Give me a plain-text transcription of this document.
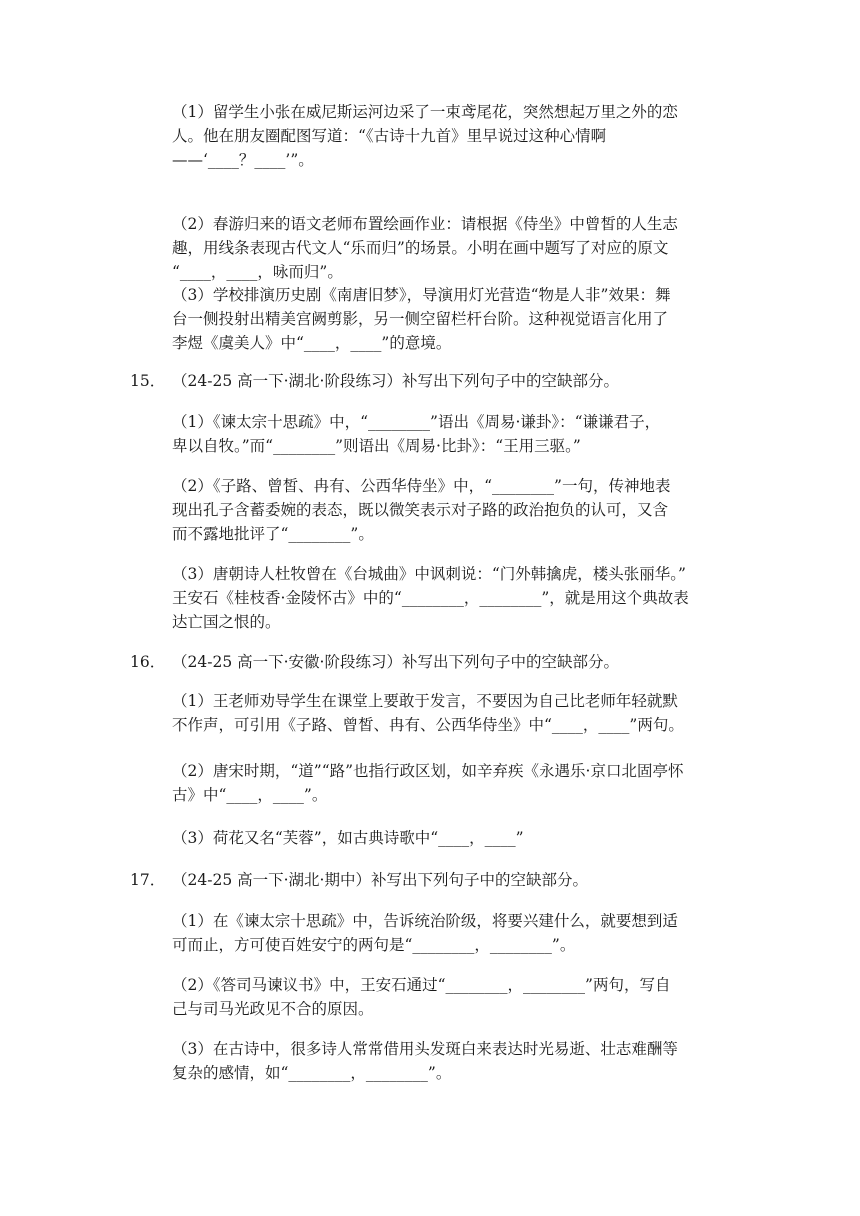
（1）留学生小张在威尼斯运河边采了一束鸢尾花，突然想起万里之外的恋
人。他在朋友圈配图写道：“《古诗十九首》里早说过这种心情啊
——‘____？____’”。
（2）春游归来的语文老师布置绘画作业：请根据《侍坐》中曾皙的人生志
趣，用线条表现古代文人“乐而归”的场景。小明在画中题写了对应的原文
“____，____，咏而归”。
（3）学校排演历史剧《南唐旧梦》，导演用灯光营造“物是人非”效果：舞
台一侧投射出精美宫阙剪影，另一侧空留栏杆台阶。这种视觉语言化用了
李煜《虞美人》中“____，____”的意境。
15． （24-25 高一下·湖北·阶段练习）补写出下列句子中的空缺部分。
（1）《谏太宗十思疏》中，“________”语出《周易·谦卦》：“谦谦君子，
卑以自牧。”而“________”则语出《周易·比卦》：“王用三驱。”
（2）《子路、曾皙、冉有、公西华侍坐》中，“________”一句，传神地表
现出孔子含蓄委婉的表态，既以微笑表示对子路的政治抱负的认可，又含
而不露地批评了“________”。
（3）唐朝诗人杜牧曾在《台城曲》中讽刺说：“门外韩擒虎，楼头张丽华。”
王安石《桂枝香·金陵怀古》中的“________，________”，就是用这个典故表
达亡国之恨的。
16． （24-25 高一下·安徽·阶段练习）补写出下列句子中的空缺部分。
（1）王老师劝导学生在课堂上要敢于发言，不要因为自己比老师年轻就默
不作声，可引用《子路、曾皙、冉有、公西华侍坐》中“____，____”两句。
（2）唐宋时期，“道”“路”也指行政区划，如辛弃疾《永遇乐·京口北固亭怀
古》中“____，____”。
（3）荷花又名“芙蓉”，如古典诗歌中“____，____”
17． （24-25 高一下·湖北·期中）补写出下列句子中的空缺部分。
（1）在《谏太宗十思疏》中，告诉统治阶级，将要兴建什么，就要想到适
可而止，方可使百姓安宁的两句是“________，________”。
（2）《答司马谏议书》中，王安石通过“________，________”两句，写自
己与司马光政见不合的原因。
（3）在古诗中，很多诗人常常借用头发斑白来表达时光易逝、壮志难酬等
复杂的感情，如“________，________”。
